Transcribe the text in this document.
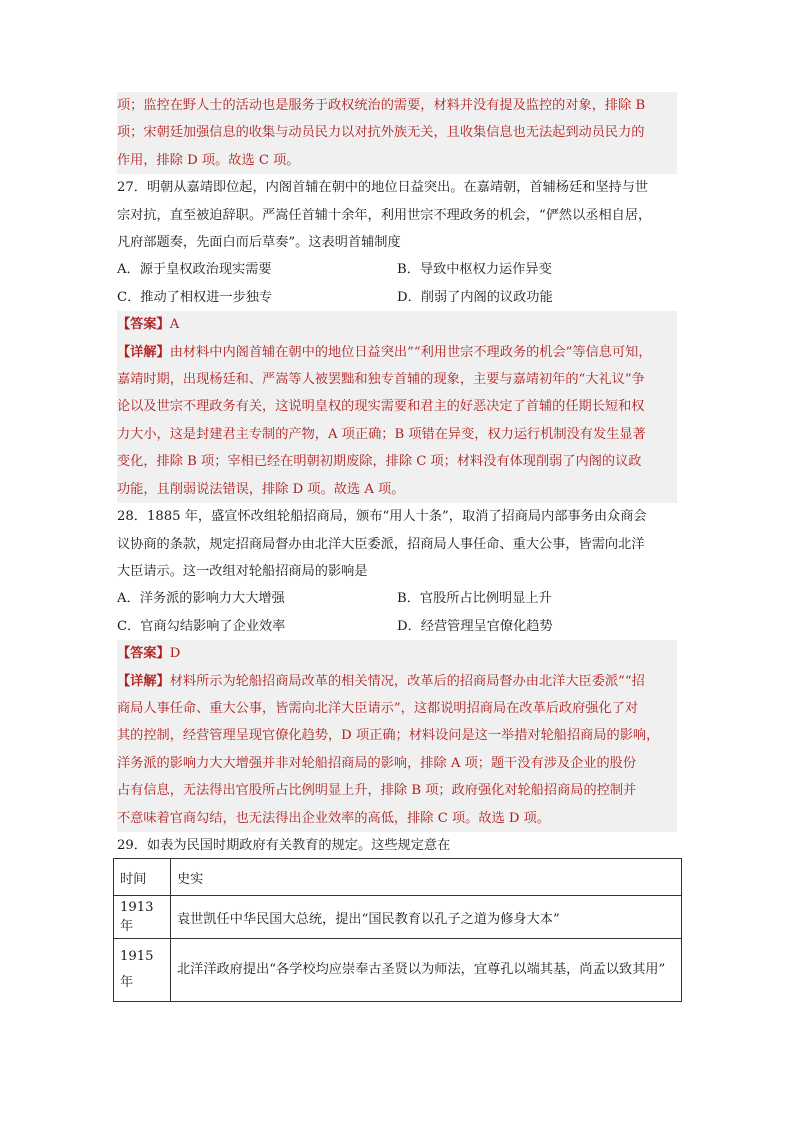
项；监控在野人士的活动也是服务于政权统治的需要，材料并没有提及监控的对象，排除 B
项；宋朝廷加强信息的收集与动员民力以对抗外族无关，且收集信息也无法起到动员民力的
作用，排除 D 项。故选 C 项。
27．明朝从嘉靖即位起，内阁首辅在朝中的地位日益突出。在嘉靖朝，首辅杨廷和坚持与世
宗对抗，直至被迫辞职。严嵩任首辅十余年，利用世宗不理政务的机会，“俨然以丞相自居，
凡府部题奏，先面白而后草奏”。这表明首辅制度
A．源于皇权政治现实需要	B．导致中枢权力运作异变
C．推动了相权进一步独专	D．削弱了内阁的议政功能
【答案】A
【详解】由材料中内阁首辅在朝中的地位日益突出”“利用世宗不理政务的机会”等信息可知，
嘉靖时期，出现杨廷和、严嵩等人被罢黜和独专首辅的现象，主要与嘉靖初年的“大礼议”争
论以及世宗不理政务有关，这说明皇权的现实需要和君主的好恶决定了首辅的任期长短和权
力大小，这是封建君主专制的产物，A 项正确；B 项错在异变，权力运行机制没有发生显著
变化，排除 B 项；宰相已经在明朝初期废除，排除 C 项；材料没有体现削弱了内阁的议政
功能，且削弱说法错误，排除 D 项。故选 A 项。
28．1885 年，盛宣怀改组轮船招商局，颁布“用人十条”，取消了招商局内部事务由众商会
议协商的条款，规定招商局督办由北洋大臣委派，招商局人事任命、重大公事，皆需向北洋
大臣请示。这一改组对轮船招商局的影响是
A．洋务派的影响力大大增强	B．官股所占比例明显上升
C．官商勾结影响了企业效率	D．经营管理呈官僚化趋势
【答案】D
【详解】材料所示为轮船招商局改革的相关情况，改革后的招商局督办由北洋大臣委派”“招
商局人事任命、重大公事，皆需向北洋大臣请示”，这都说明招商局在改革后政府强化了对
其的控制，经营管理呈现官僚化趋势，D 项正确；材料设问是这一举措对轮船招商局的影响，
洋务派的影响力大大增强并非对轮船招商局的影响，排除 A 项；题干没有涉及企业的股份
占有信息，无法得出官股所占比例明显上升，排除 B 项；政府强化对轮船招商局的控制并
不意味着官商勾结，也无法得出企业效率的高低，排除 C 项。故选 D 项。
29．如表为民国时期政府有关教育的规定。这些规定意在
时间	史实
1913 年	袁世凯任中华民国大总统，提出“国民教育以孔子之道为修身大本”
1915 年	北洋洋政府提出“各学校均应崇奉古圣贤以为师法，宜尊孔以端其基，尚孟以致其用”
